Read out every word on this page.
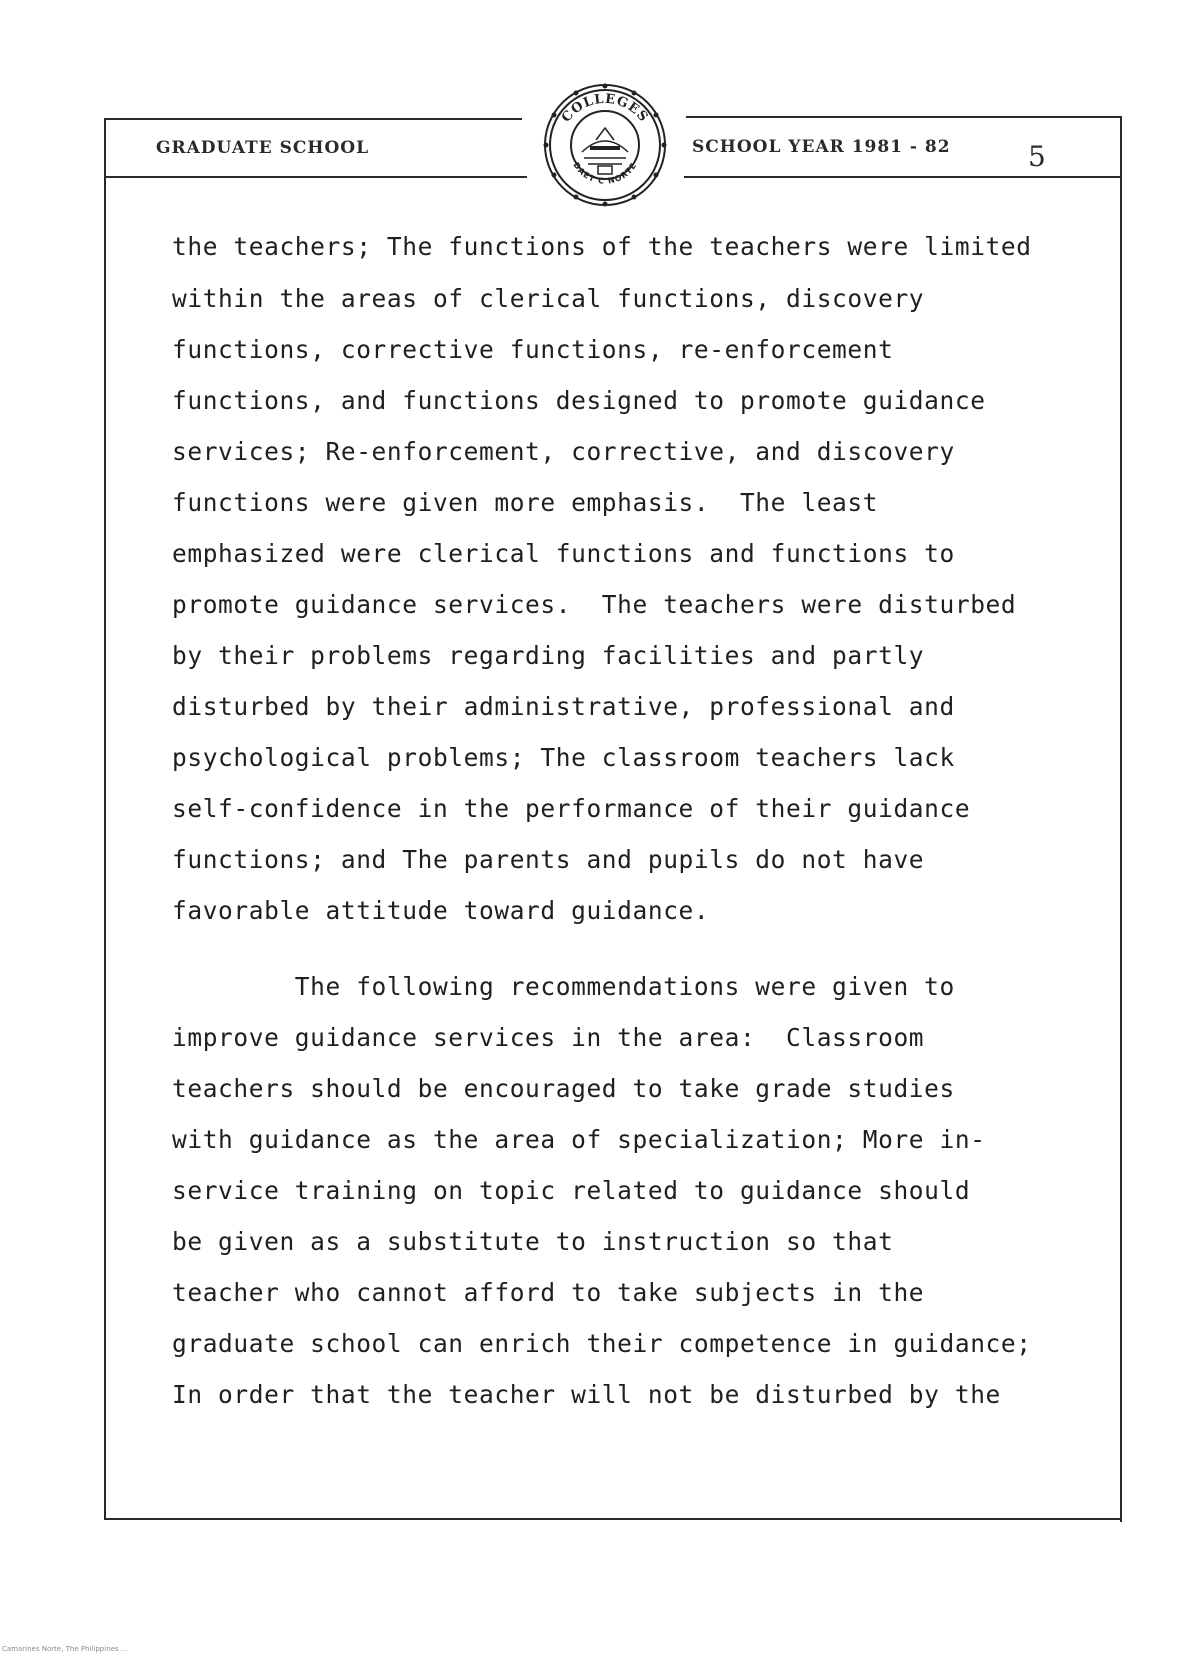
GRADUATE SCHOOL	SCHOOL YEAR 1981 - 82	5
COLLEGES
DAET C NORTE
the teachers; The functions of the teachers were limited
within the areas of clerical functions, discovery
functions, corrective functions, re-enforcement
functions, and functions designed to promote guidance
services; Re-enforcement, corrective, and discovery
functions were given more emphasis.  The least
emphasized were clerical functions and functions to
promote guidance services.  The teachers were disturbed
by their problems regarding facilities and partly
disturbed by their administrative, professional and
psychological problems; The classroom teachers lack
self-confidence in the performance of their guidance
functions; and The parents and pupils do not have
favorable attitude toward guidance.
The following recommendations were given to
improve guidance services in the area:  Classroom
teachers should be encouraged to take grade studies
with guidance as the area of specialization; More in-
service training on topic related to guidance should
be given as a substitute to instruction so that
teacher who cannot afford to take subjects in the
graduate school can enrich their competence in guidance;
In order that the teacher will not be disturbed by the
Camarines Norte, The Philippines ...
